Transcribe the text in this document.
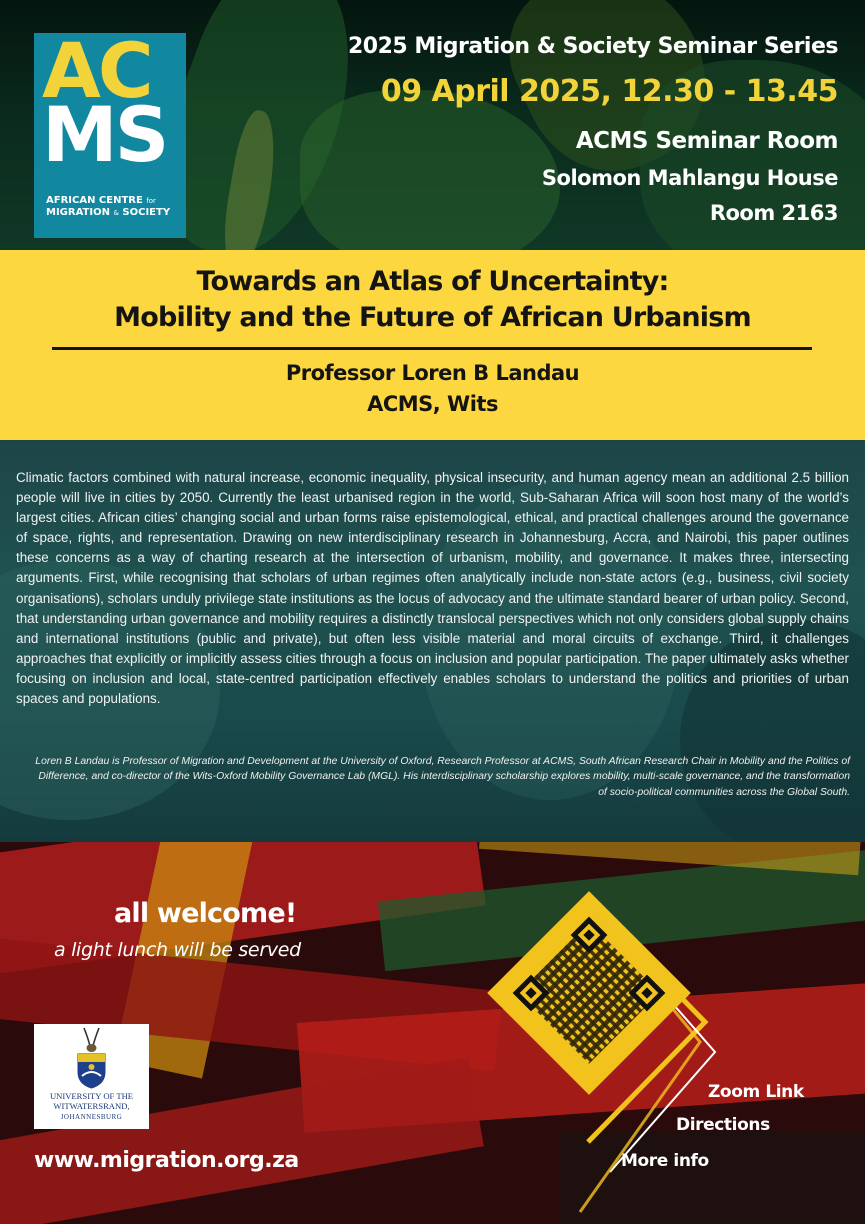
AC
MS
AFRICAN CENTRE for
MIGRATION & SOCIETY
2025 Migration & Society Seminar Series
09 April 2025, 12.30 - 13.45
ACMS Seminar Room
Solomon Mahlangu House
Room 2163
Towards an Atlas of Uncertainty:
Mobility and the Future of African Urbanism
Professor Loren B Landau
ACMS, Wits

Climatic factors combined with natural increase, economic inequality, physical insecurity, and human agency mean an additional 2.5 billion people will live in cities by 2050. Currently the least urbanised region in the world, Sub-Saharan Africa will soon host many of the world’s largest cities. African cities’ changing social and urban forms raise epistemological, ethical, and practical challenges around the governance of space, rights, and representation. Drawing on new interdisciplinary research in Johannesburg, Accra, and Nairobi, this paper outlines these concerns as a way of charting research at the intersection of urbanism, mobility, and governance. It makes three, intersecting arguments. First, while recognising that scholars of urban regimes often analytically include non-state actors (e.g., business, civil society organisations), scholars unduly privilege state institutions as the locus of advocacy and the ultimate standard bearer of urban policy. Second, that understanding urban governance and mobility requires a distinctly translocal perspectives which not only considers global supply chains and international institutions (public and private), but often less visible material and moral circuits of exchange. Third, it challenges approaches that explicitly or implicitly assess cities through a focus on inclusion and popular participation. The paper ultimately asks whether focusing on inclusion and local, state-centred participation effectively enables scholars to understand the politics and priorities of urban spaces and populations.

Loren B Landau is Professor of Migration and Development at the University of Oxford, Research Professor at ACMS, South African Research Chair in Mobility and the Politics of Difference, and co-director of the Wits-Oxford Mobility Governance Lab (MGL). His interdisciplinary scholarship explores mobility, multi-scale governance, and the transformation of socio-political communities across the Global South.

all welcome!
a light lunch will be served
UNIVERSITY OF THE
WITWATERSRAND,
JOHANNESBURG
www.migration.org.za
Zoom Link
Directions
More info
